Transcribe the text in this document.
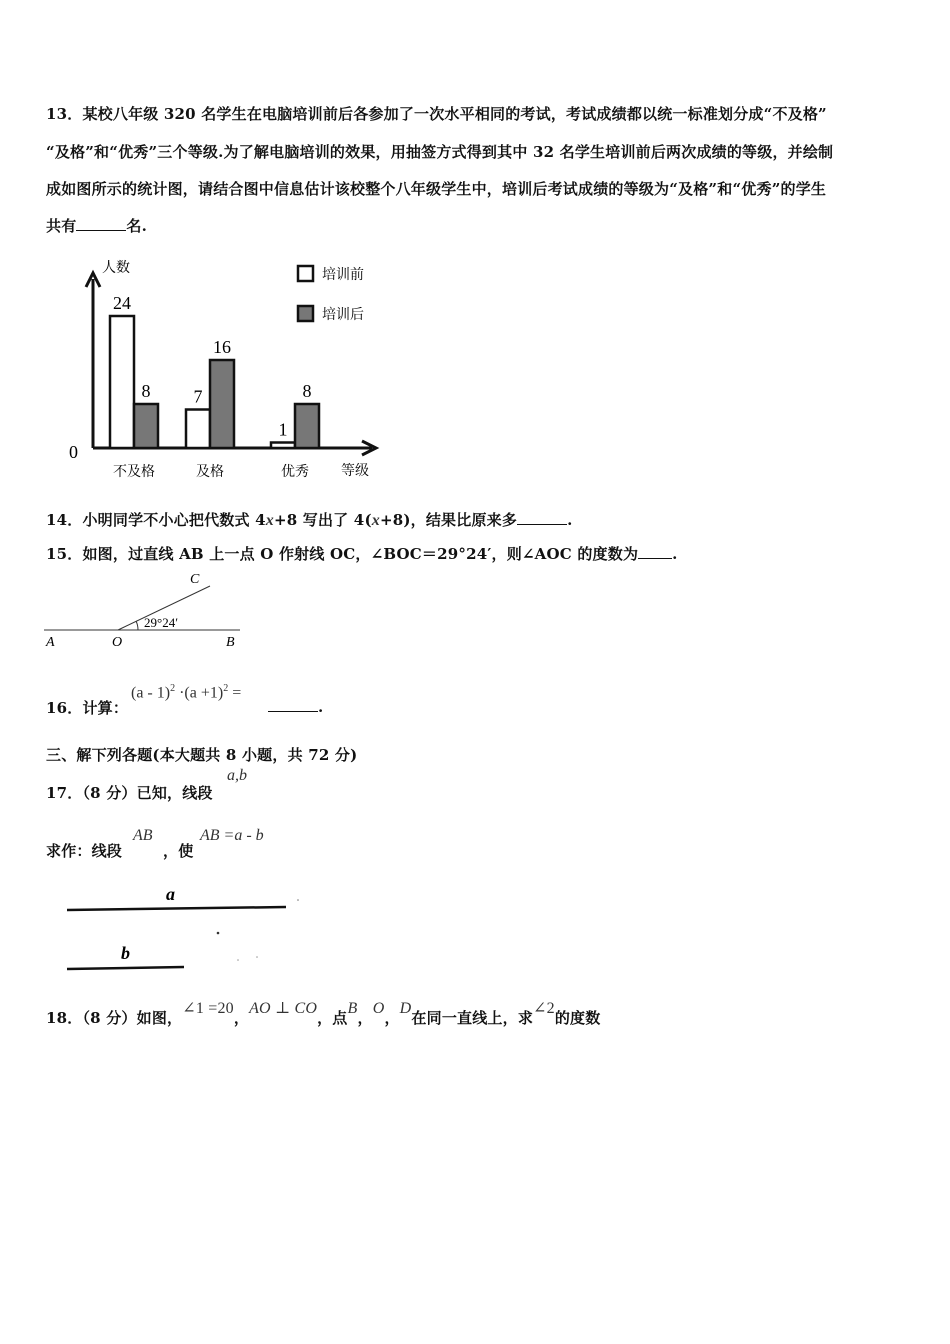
13．某校八年级 320 名学生在电脑培训前后各参加了一次水平相同的考试，考试成绩都以统一标准划分成“不及格”
“及格”和“优秀”三个等级.为了解电脑培训的效果，用抽签方式得到其中 32 名学生培训前后两次成绩的等级，并绘制
成如图所示的统计图，请结合图中信息估计该校整个八年级学生中，培训后考试成绩的等级为“及格”和“优秀”的学生
共有	名.
人数
等级
0
24
8
不及格
7
16
及格
1
8
优秀
培训前
培训后
14．小明同学不小心把代数式 4x+8 写出了 4(x+8)，结果比原来多	.
15．如图，过直线 AB 上一点 O 作射线 OC，∠BOC＝29°24′，则∠AOC 的度数为 .
C
29°24′
A	O	B
16．计算：
$(a - 1)^2 \cdot(a +1)^2$ =
.
三、解下列各题(本大题共 8 小题，共 72 分)
17．（8 分）已知，线段
a,b
求作：线段
AB
，使
AB =a - b
a
b
18．（8 分）如图，∠1 =20，AO ⊥ CO，点B，O，D在同一直线上，求∠2的度数
